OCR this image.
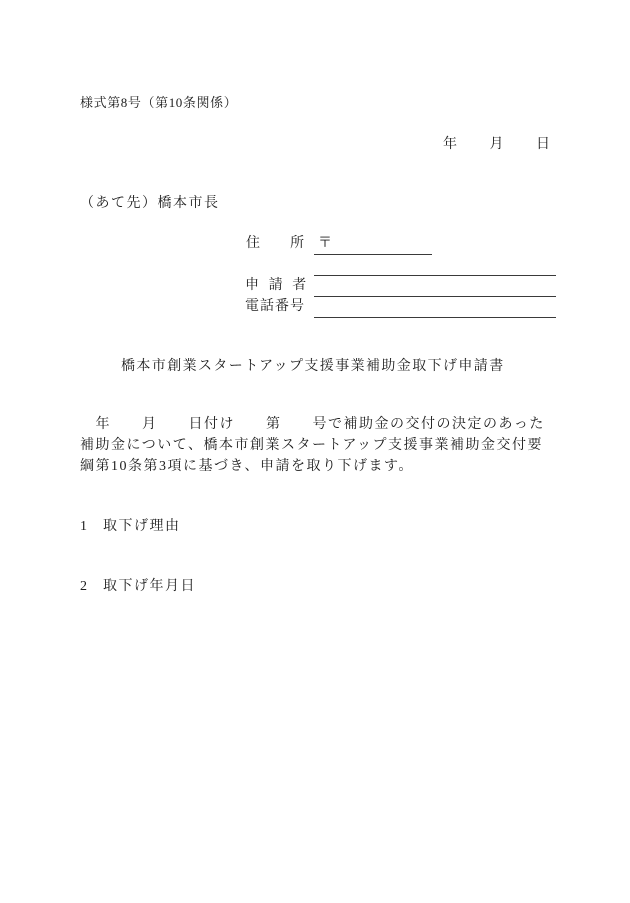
様式第8号（第10条関係）
年　　月　　日
（あて先）橋本市長
住　　所 〒
申　請　者
電話番号
橋本市創業スタートアップ支援事業補助金取下げ申請書
　年　　月　　日付け　　第　　号で補助金の交付の決定のあった
補助金について、橋本市創業スタートアップ支援事業補助金交付要
綱第10条第3項に基づき、申請を取り下げます。
1 取下げ理由
2 取下げ年月日
